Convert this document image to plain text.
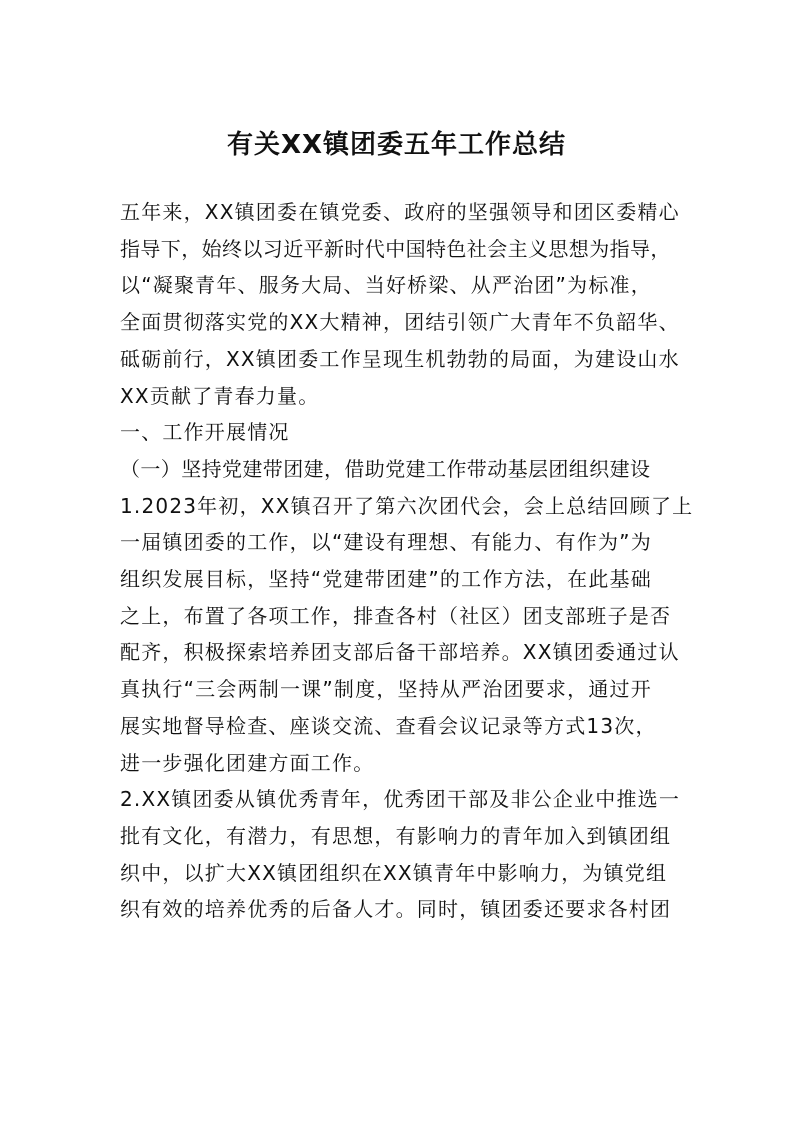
有关XX镇团委五年工作总结

五年来，XX镇团委在镇党委、政府的坚强领导和团区委精心

指导下，始终以习近平新时代中国特色社会主义思想为指导，

以“凝聚青年、服务大局、当好桥梁、从严治团”为标准，

全面贯彻落实党的XX大精神，团结引领广大青年不负韶华、

砥砺前行，XX镇团委工作呈现生机勃勃的局面，为建设山水

XX贡献了青春力量。

一、工作开展情况

（一）坚持党建带团建，借助党建工作带动基层团组织建设

1.2023年初，XX镇召开了第六次团代会，会上总结回顾了上

一届镇团委的工作，以“建设有理想、有能力、有作为”为

组织发展目标，坚持“党建带团建”的工作方法，在此基础

之上，布置了各项工作，排查各村（社区）团支部班子是否

配齐，积极探索培养团支部后备干部培养。XX镇团委通过认

真执行“三会两制一课”制度，坚持从严治团要求，通过开

展实地督导检查、座谈交流、查看会议记录等方式13次，

进一步强化团建方面工作。

2.XX镇团委从镇优秀青年，优秀团干部及非公企业中推选一

批有文化，有潜力，有思想，有影响力的青年加入到镇团组

织中，以扩大XX镇团组织在XX镇青年中影响力，为镇党组

织有效的培养优秀的后备人才。同时，镇团委还要求各村团
